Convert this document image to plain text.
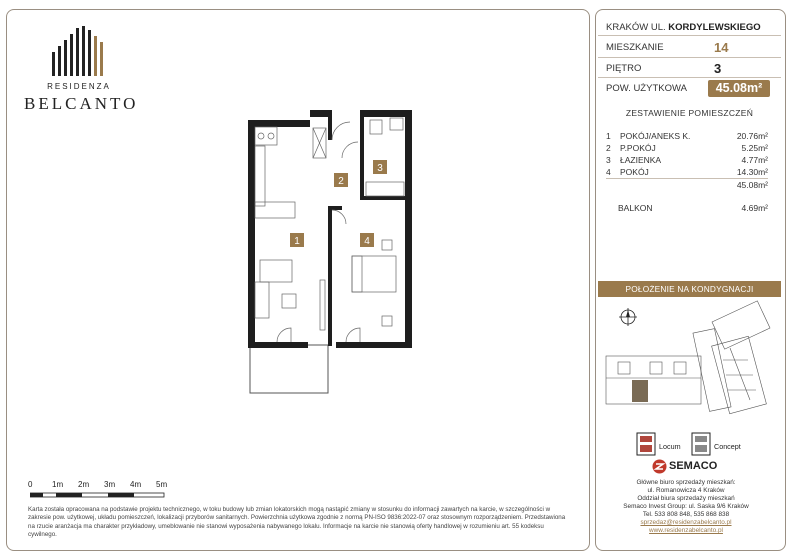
RESIDENZA
BELCANTO
1
2
3
4
0 1m 2m 3m 4m 5m
Karta została opracowana na podstawie projektu technicznego, w toku budowy lub zmian lokatorskich mogą nastąpić zmiany w stosunku do informacji zawartych na karcie, w szczególności w zakresie pow. użytkowej, układu pomieszczeń, lokalizacji przyborów sanitarnych. Powierzchnia użytkowa zgodnie z normą PN-ISO 9836:2022-07 oraz stosownym rozporządzeniem. Przedstawiona na rzucie aranżacja ma charakter przykładowy, umeblowanie nie stanowi wyposażenia nabywanego lokalu. Informacje na karcie nie stanowią oferty handlowej w rozumieniu art. 55 kodeksu cywilnego.
KRAKÓW UL. KORDYLEWSKIEGO
MIESZKANIE	14
PIĘTRO	3
POW. UŻYTKOWA	45.08m²
ZESTAWIENIE POMIESZCZEŃ
1 POKÓJ/ANEKS K.	20.76m²
2 P.POKÓJ	5.25m²
3 ŁAZIENKA	4.77m²
4 POKÓJ	14.30m²
45.08m²
BALKON	4.69m²
POŁOŻENIE NA KONDYGNACJI
Locum	Concept
SEMACO
Główne biuro sprzedaży mieszkań:
ul. Romanowicza 4 Kraków
Oddział biura sprzedaży mieszkań
Semaco Invest Group: ul. Saska 9/6 Kraków
Tel. 533 808 848, 535 868 838
sprzedaz@residenzabelcanto.pl
www.residenzabelcanto.pl
